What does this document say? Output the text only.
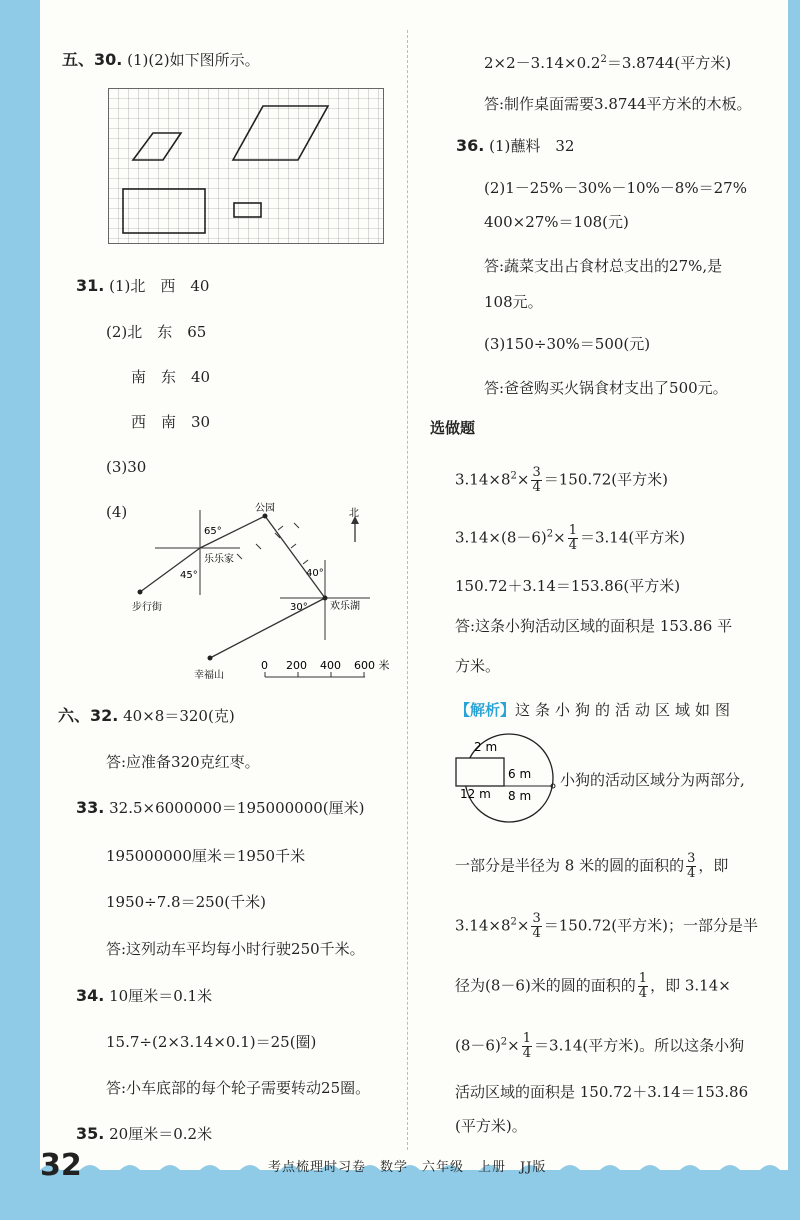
五、30. (1)(2)如下图所示。
31. (1)北　西　40
(2)北　东　65
南　东　40
西　南　30
(3)30
(4)	北
公园
乐乐家
步行街	欢乐湖
幸福山
65°
45°	40°
30°
0 200 400 600 米
六、32. 40×8＝320(克)
答:应准备320克红枣。
33. 32.5×6000000＝195000000(厘米)
195000000厘米＝1950千米
1950÷7.8＝250(千米)
答:这列动车平均每小时行驶250千米。
34. 10厘米＝0.1米
15.7÷(2×3.14×0.1)＝25(圈)
答:小车底部的每个轮子需要转动25圈。
35. 20厘米＝0.2米
$2\times 2-3.14\times 0.2^2=3.8744$(平方米)
答:制作桌面需要3.8744平方米的木板。
36. (1)蘸料　32
(2)1－25%－30%－10%－8%＝27%
400×27%＝108(元)
答:蔬菜支出占食材总支出的27%,是
108元。
(3)150÷30%＝500(元)
答:爸爸购买火锅食材支出了500元。
选做题
$3.14\times 8^2\times \frac{3}{4} =150.72$(平方米)
$3.14\times(8-6)^2\times \frac{1}{4} =3.14$(平方米)
150.72＋3.14＝153.86(平方米)
答:这条小狗活动区域的面积是 153.86 平
方米。
【解析】这条小狗的活动区域如图
2 m
6 m
12 m 8 m
小狗的活动区域分为两部分,
一部分是半径为 8 米的圆的面积的 $\frac{3}{4}$ ，即
$3.14\times 8^2\times \frac{3}{4} =150.72$(平方米)；一部分是半
径为(8－6)米的圆的面积的 $\frac{1}{4}$ ，即 3.14×
$(8-6)^2\times \frac{1}{4} =3.14$(平方米)。所以这条小狗
活动区域的面积是 150.72＋3.14＝153.86
(平方米)。
32	考点梳理时习卷　数学　六年级　上册　JJ版
